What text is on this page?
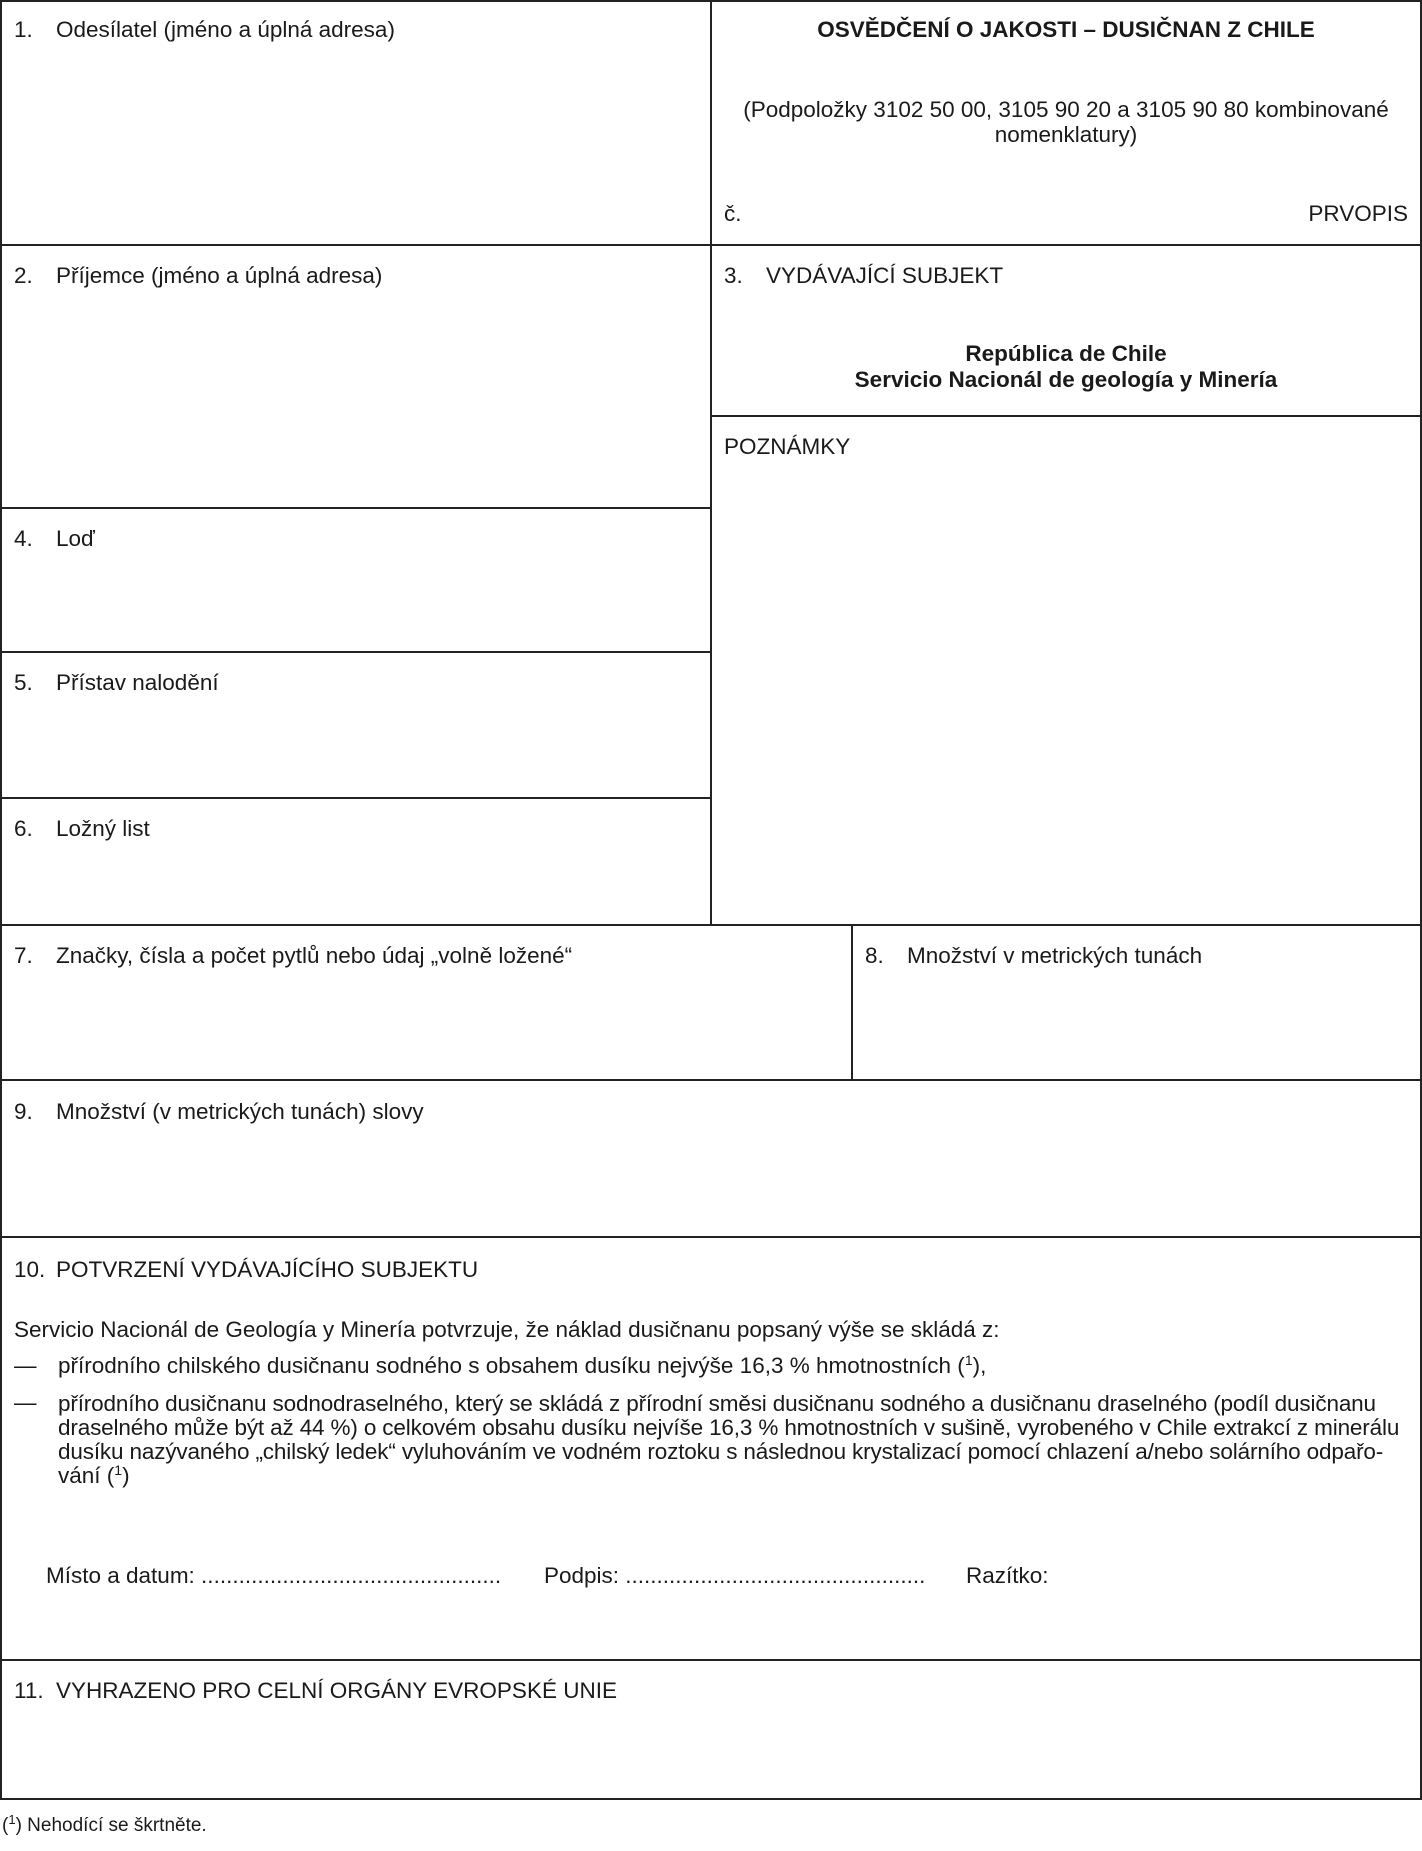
1. Odesílatel (jméno a úplná adresa)	OSVĚDČENÍ O JAKOSTI – DUSIČNAN Z CHILE
(Podpoložky 3102 50 00, 3105 90 20 a 3105 90 80 kombinované
nomenklatury)
č.	PRVOPIS
2. Příjemce (jméno a úplná adresa)	3. VYDÁVAJÍCÍ SUBJEKT
República de Chile
Servicio Nacionál de geología y Minería
POZNÁMKY
4. Loď
5. Přístav nalodění
6. Ložný list
7. Značky, čísla a počet pytlů nebo údaj „volně ložené“	8. Množství v metrických tunách
9. Množství (v metrických tunách) slovy
10. POTVRZENÍ VYDÁVAJÍCÍHO SUBJEKTU
Servicio Nacionál de Geología y Minería potvrzuje, že náklad dusičnanu popsaný výše se skládá z:
— přírodního chilského dusičnanu sodného s obsahem dusíku nejvýše 16,3 % hmotnostních ($^1$),
— přírodního dusičnanu sodnodraselného, který se skládá z přírodní směsi dusičnanu sodného a dusičnanu draselného (podíl dusičnanu
draselného může být až 44 %) o celkovém obsahu dusíku nejvíše 16,3 % hmotnostních v sušině, vyrobeného v Chile extrakcí z minerálu
dusíku nazývaného „chilský ledek“ vyluhováním ve vodném roztoku s následnou krystalizací pomocí chlazení a/nebo solárního odpařo-
vání ($^1$)
Místo a datum: ................................................ Podpis: ................................................ Razítko:
11. VYHRAZENO PRO CELNÍ ORGÁNY EVROPSKÉ UNIE
($^1$) Nehodící se škrtněte.
